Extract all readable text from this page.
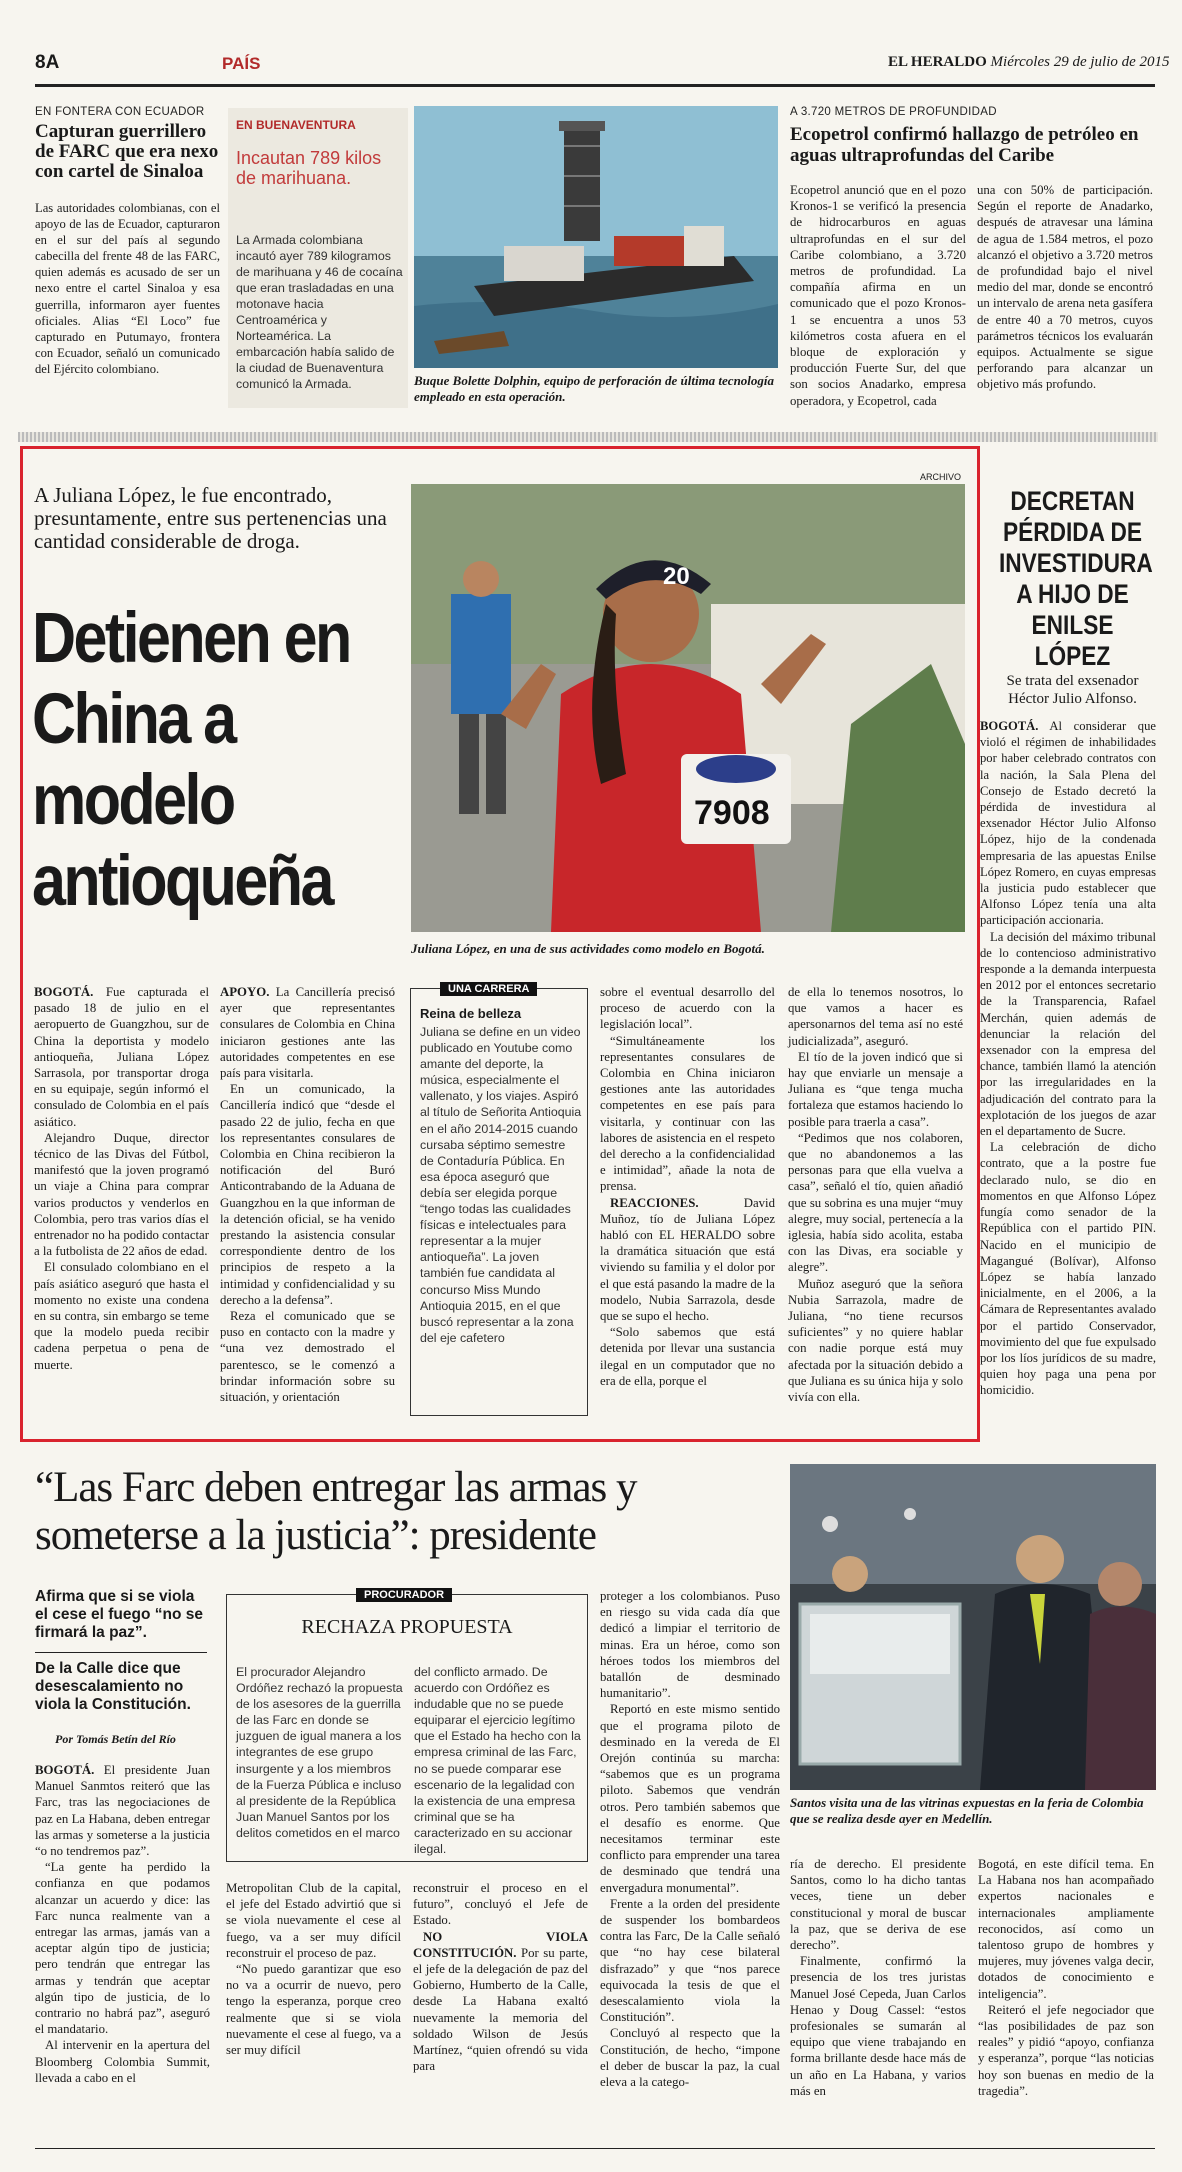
8A	PAÍS	EL HERALDO Miércoles 29 de julio de 2015
EN FONTERA CON ECUADOR
Capturan guerrillero de FARC que era nexo con cartel de Sinaloa
Las autoridades colombianas, con el apoyo de las de Ecuador, capturaron en el sur del país al segundo cabecilla del frente 48 de las FARC, quien además es acusado de ser un nexo entre el cartel Sinaloa y esa guerrilla, informaron ayer fuentes oficiales. Alias “El Loco” fue capturado en Putumayo, frontera con Ecuador, señaló un comunicado del Ejército colombiano.
EN BUENAVENTURA
Incautan 789 kilos de marihuana.
La Armada colombiana incautó ayer 789 kilogramos de marihuana y 46 de cocaína que eran trasladadas en una motonave hacia Centroamérica y Norteamérica. La embarcación había salido de la ciudad de Buenaventura comunicó la Armada.	Buque Bolette Dolphin, equipo de perforación de última tecnología empleado en esta operación.
A 3.720 METROS DE PROFUNDIDAD
Ecopetrol confirmó hallazgo de petróleo en aguas ultraprofundas del Caribe
Ecopetrol anunció que en el pozo Kronos-1 se verificó la presencia de hidrocarburos en aguas ultraprofundas en el sur del Caribe colombiano, a 3.720 metros de profundidad. La compañía afirma en un comunicado que el pozo Kronos-1 se encuentra a unos 53 kilómetros costa afuera en el bloque de exploración y producción Fuerte Sur, del que son socios Anadarko, empresa operadora, y Ecopetrol, cada
una con 50% de participación. Según el reporte de Anadarko, después de atravesar una lámina de agua de 1.584 metros, el pozo alcanzó el objetivo a 3.720 metros de profundidad bajo el nivel medio del mar, donde se encontró un intervalo de arena neta gasífera de entre 40 a 70 metros, cuyos parámetros técnicos los evaluarán equipos. Actualmente se sigue perforando para alcanzar un objetivo más profundo.
A Juliana López, le fue encontrado, presuntamente, entre sus pertenencias una cantidad considerable de droga.
Detienen en China a modelo antioqueña
ARCHIVO
20
7908
Juliana López, en una de sus actividades como modelo en Bogotá.

BOGOTÁ. Fue capturada el pasado 18 de julio en el aeropuerto de Guangzhou, sur de China la deportista y modelo antioqueña, Juliana López Sarrasola, por transportar droga en su equipaje, según informó el consulado de Colombia en el país asiático.

Alejandro Duque, director técnico de las Divas del Fútbol, manifestó que la joven programó un viaje a China para comprar varios productos y venderlos en Colombia, pero tras varios días el entrenador no ha podido contactar a la futbolista de 22 años de edad.

El consulado colombiano en el país asiático aseguró que hasta el momento no existe una condena en su contra, sin embargo se teme que la modelo pueda recibir cadena perpetua o pena de muerte.

APOYO. La Cancillería precisó ayer que representantes consulares de Colombia en China iniciaron gestiones ante las autoridades competentes en ese país para visitarla.

En un comunicado, la Cancillería indicó que “desde el pasado 22 de julio, fecha en que los representantes consulares de Colombia en China recibieron la notificación del Buró Anticontrabando de la Aduana de Guangzhou en la que informan de la detención oficial, se ha venido prestando la asistencia consular correspondiente dentro de los principios de respeto a la intimidad y confidencialidad y su derecho a la defensa”.

Reza el comunicado que se puso en contacto con la madre y “una vez demostrado el parentesco, se le comenzó a brindar información sobre su situación, y orientación

UNA CARRERA
Reina de belleza
Juliana se define en un video publicado en Youtube como amante del deporte, la música, especialmente el vallenato, y los viajes. Aspiró al título de Señorita Antioquia en el año 2014-2015 cuando cursaba séptimo semestre de Contaduría Pública. En esa época aseguró que debía ser elegida porque “tengo todas las cualidades físicas e intelectuales para representar a la mujer antioqueña”. La joven también fue candidata al concurso Miss Mundo Antioquia 2015, en el que buscó representar a la zona del eje cafetero

sobre el eventual desarrollo del proceso de acuerdo con la legislación local”.

“Simultáneamente los representantes consulares de Colombia en China iniciaron gestiones ante las autoridades competentes en ese país para visitarla, y continuar con las labores de asistencia en el respeto del derecho a la confidencialidad e intimidad”, añade la nota de prensa.

REACCIONES. David Muñoz, tío de Juliana López habló con EL HERALDO sobre la dramática situación que está viviendo su familia y el dolor por el que está pasando la madre de la modelo, Nubia Sarrazola, desde que se supo el hecho.

“Solo sabemos que está detenida por llevar una sustancia ilegal en un computador que no era de ella, porque el

de ella lo tenemos nosotros, lo que vamos a hacer es apersonarnos del tema así no esté judicializada”, aseguró.

El tío de la joven indicó que si hay que enviarle un mensaje a Juliana es “que tenga mucha fortaleza que estamos haciendo lo posible para traerla a casa”.

“Pedimos que nos colaboren, que no abandonemos a las personas para que ella vuelva a casa”, señaló el tío, quien añadió que su sobrina es una mujer “muy alegre, muy social, pertenecía a la iglesia, había sido acolita, estaba con las Divas, era sociable y alegre”.

Muñoz aseguró que la señora Nubia Sarrazola, madre de Juliana, “no tiene recursos suficientes” y no quiere hablar con nadie porque está muy afectada por la situación debido a que Juliana es su única hija y solo vivía con ella.

DECRETAN PÉRDIDA DE INVESTIDURA A HIJO DE ENILSE LÓPEZ
Se trata del exsenador Héctor Julio Alfonso.

BOGOTÁ. Al considerar que violó el régimen de inhabilidades por haber celebrado contratos con la nación, la Sala Plena del Consejo de Estado decretó la pérdida de investidura al exsenador Héctor Julio Alfonso López, hijo de la condenada empresaria de las apuestas Enilse López Romero, en cuyas empresas la justicia pudo establecer que Alfonso López tenía una alta participación accionaria.

La decisión del máximo tribunal de lo contencioso administrativo responde a la demanda interpuesta en 2012 por el entonces secretario de la Transparencia, Rafael Merchán, quien además de denunciar la relación del exsenador con la empresa del chance, también llamó la atención por las irregularidades en la adjudicación del contrato para la explotación de los juegos de azar en el departamento de Sucre.

La celebración de dicho contrato, que a la postre fue declarado nulo, se dio en momentos en que Alfonso López fungía como senador de la República con el partido PIN. Nacido en el municipio de Magangué (Bolívar), Alfonso López se había lanzado inicialmente, en el 2006, a la Cámara de Representantes avalado por el partido Conservador, movimiento del que fue expulsado por los líos jurídicos de su madre, quien hoy paga una pena por homicidio.

“Las Farc deben entregar las armas y someterse a la justicia”: presidente
Afirma que si se viola el cese el fuego “no se firmará la paz”.
De la Calle dice que desescalamiento no viola la Constitución.
Por Tomás Betín del Río

BOGOTÁ. El presidente Juan Manuel Sanmtos reiteró que las Farc, tras las negociaciones de paz en La Habana, deben entregar las armas y someterse a la justicia “o no tendremos paz”.

“La gente ha perdido la confianza en que podamos alcanzar un acuerdo y dice: las Farc nunca realmente van a entregar las armas, jamás van a aceptar algún tipo de justicia; pero tendrán que entregar las armas y tendrán que aceptar algún tipo de justicia, de lo contrario no habrá paz”, aseguró el mandatario.

Al intervenir en la apertura del Bloomberg Colombia Summit, llevada a cabo en el

PROCURADOR
RECHAZA PROPUESTA
El procurador Alejandro Ordóñez rechazó la propuesta de los asesores de la guerrilla de las Farc en donde se juzguen de igual manera a los integrantes de ese grupo insurgente y a los miembros de la Fuerza Pública e incluso al presidente de la República Juan Manuel Santos por los delitos cometidos en el marco
del conflicto armado. De acuerdo con Ordóñez es indudable que no se puede equiparar el ejercicio legítimo que el Estado ha hecho con la empresa criminal de las Farc, no se puede comparar ese escenario de la legalidad con la existencia de una empresa criminal que se ha caracterizado en su accionar ilegal.

Metropolitan Club de la capital, el jefe del Estado advirtió que si se viola nuevamente el cese al fuego, va a ser muy difícil reconstruir el proceso de paz.

“No puedo garantizar que eso no va a ocurrir de nuevo, pero tengo la esperanza, porque creo realmente que si se viola nuevamente el cese al fuego, va a ser muy difícil

reconstruir el proceso en el futuro”, concluyó el Jefe de Estado.

NO VIOLA CONSTITUCIÓN. Por su parte, el jefe de la delegación de paz del Gobierno, Humberto de la Calle, desde La Habana exaltó nuevamente la memoria del soldado Wilson de Jesús Martínez, “quien ofrendó su vida para

proteger a los colombianos. Puso en riesgo su vida cada día que dedicó a limpiar el territorio de minas. Era un héroe, como son héroes todos los miembros del batallón de desminado humanitario”.

Reportó en este mismo sentido que el programa piloto de desminado en la vereda de El Orejón continúa su marcha: “sabemos que es un programa piloto. Sabemos que vendrán otros. Pero también sabemos que el desafío es enorme. Que necesitamos terminar este conflicto para emprender una tarea de desminado que tendrá una envergadura monumental”.

Frente a la orden del presidente de suspender los bombardeos contra las Farc, De la Calle señaló que “no hay cese bilateral disfrazado” y que “nos parece equivocada la tesis de que el desescalamiento viola la Constitución”.

Concluyó al respecto que la Constitución, de hecho, “impone el deber de buscar la paz, la cual eleva a la catego-

Santos visita una de las vitrinas expuestas en la feria de Colombia que se realiza desde ayer en Medellín.

ría de derecho. El presidente Santos, como lo ha dicho tantas veces, tiene un deber constitucional y moral de buscar la paz, que se deriva de ese derecho”.

Finalmente, confirmó la presencia de los tres juristas Manuel José Cepeda, Juan Carlos Henao y Doug Cassel: “estos profesionales se sumarán al equipo que viene trabajando en forma brillante desde hace más de un año en La Habana, y varios más en

Bogotá, en este difícil tema. En La Habana nos han acompañado expertos nacionales e internacionales ampliamente reconocidos, así como un talentoso grupo de hombres y mujeres, muy jóvenes valga decir, dotados de conocimiento e inteligencia”.

Reiteró el jefe negociador que “las posibilidades de paz son reales” y pidió “apoyo, confianza y esperanza”, porque “las noticias hoy son buenas en medio de la tragedia”.
